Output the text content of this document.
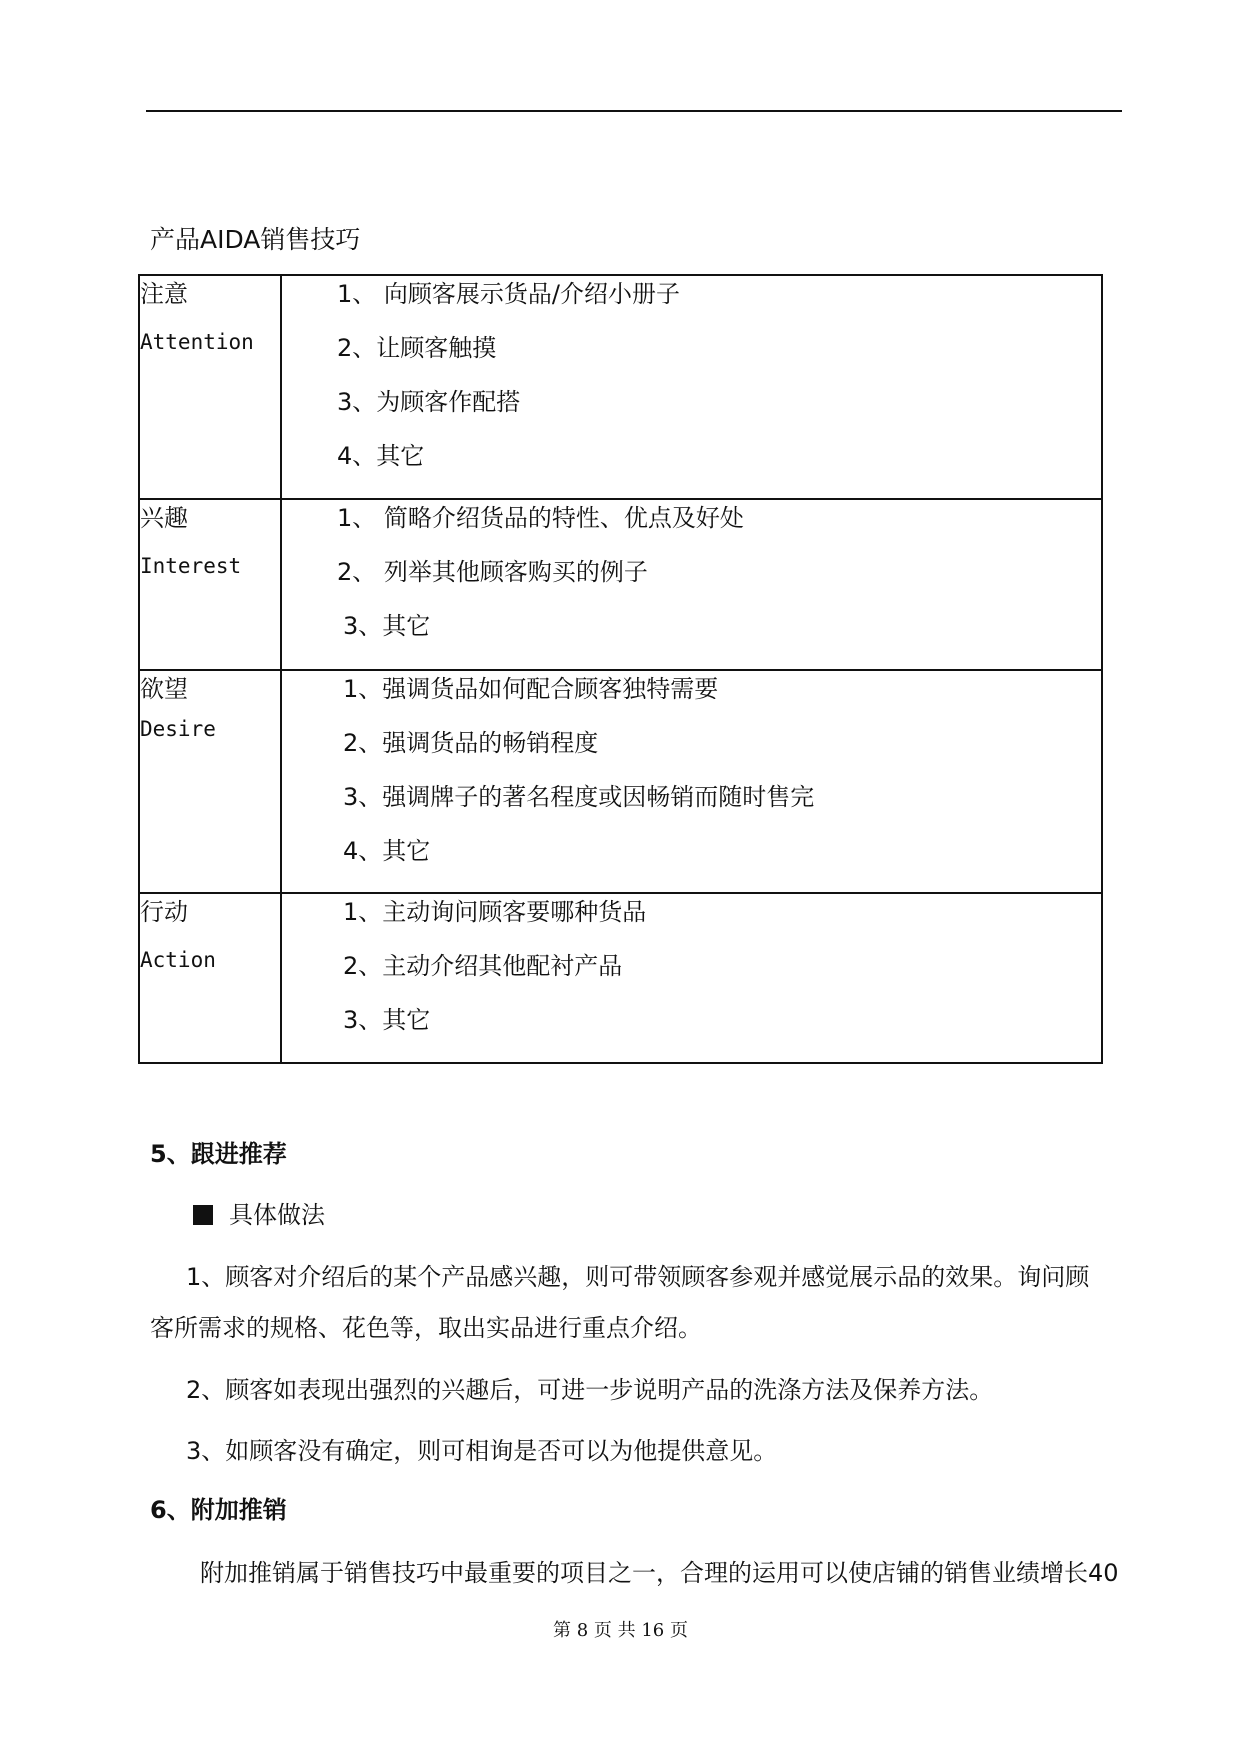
产品AIDA销售技巧
注意
Attention	1、 向顾客展示货品/介绍小册子
2、让顾客触摸
3、为顾客作配搭
4、其它

兴趣
Interest	1、 简略介绍货品的特性、优点及好处
2、 列举其他顾客购买的例子
3、其它

欲望
Desire	1、强调货品如何配合顾客独特需要
2、强调货品的畅销程度
3、强调牌子的著名程度或因畅销而随时售完
4、其它

行动
Action	1、主动询问顾客要哪种货品
2、主动介绍其他配衬产品
3、其它
5、跟进推荐
具体做法
1、顾客对介绍后的某个产品感兴趣，则可带领顾客参观并感觉展示品的效果。询问顾
客所需求的规格、花色等，取出实品进行重点介绍。
2、顾客如表现出强烈的兴趣后，可进一步说明产品的洗涤方法及保养方法。
3、如顾客没有确定，则可相询是否可以为他提供意见。
6、附加推销
附加推销属于销售技巧中最重要的项目之一，合理的运用可以使店铺的销售业绩增长40
第 8 页 共 16 页
